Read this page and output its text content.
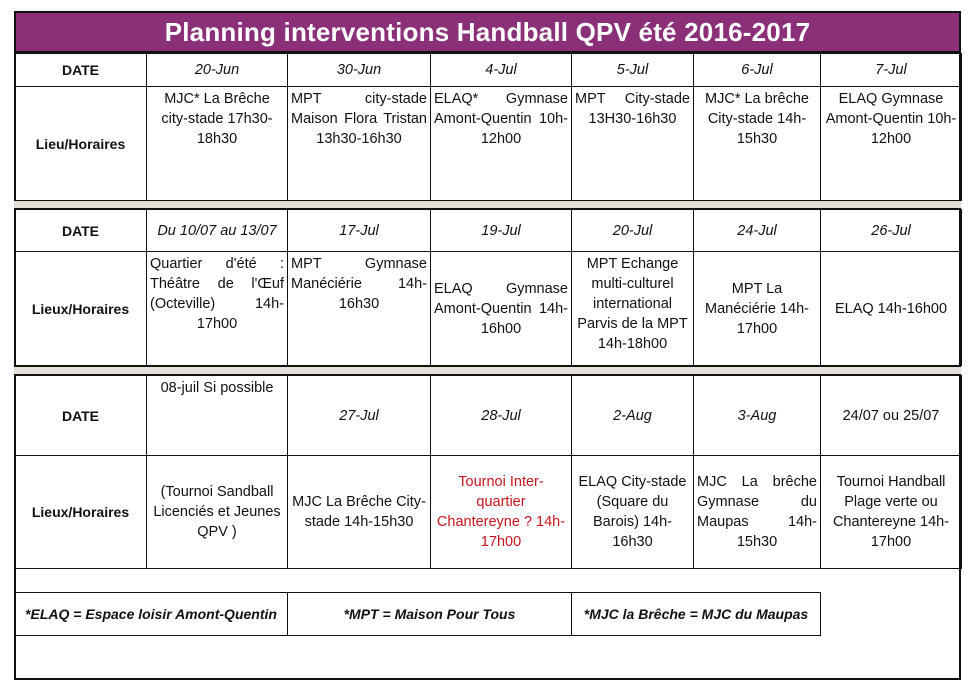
Planning interventions Handball QPV été 2016-2017
DATE	20-Jun	30-Jun	4-Jul	5-Jul	6-Jul	7-Jul
Lieu/Horaires	MJC* La Brêche city-stade 17h30-18h30	MPT city-stade Maison Flora Tristan 13h30-16h30	ELAQ* Gymnase Amont-Quentin 10h-12h00	MPT City-stade 13H30-16h30	MJC* La brêche City-stade 14h-15h30	ELAQ Gymnase Amont-Quentin 10h-12h00
DATE	Du 10/07 au 13/07	17-Jul	19-Jul	20-Jul	24-Jul	26-Jul
Lieux/Horaires	Quartier d'été : Théâtre de l'Œuf (Octeville) 14h-17h00	MPT Gymnase Manéciérie 14h-16h30	ELAQ Gymnase Amont-Quentin 14h-16h00	MPT Echange multi-culturel international Parvis de la MPT 14h-18h00	MPT La Manéciérie 14h-17h00	ELAQ 14h-16h00
DATE	08-juil Si possible	27-Jul	28-Jul	2-Aug	3-Aug	24/07 ou 25/07
Lieux/Horaires	(Tournoi Sandball Licenciés et Jeunes QPV )	MJC La Brêche City-stade 14h-15h30	Tournoi Inter-quartier Chantereyne ? 14h-17h00	ELAQ City-stade (Square du Barois) 14h-16h30	MJC La brêche Gymnase du Maupas 14h-15h30	Tournoi Handball Plage verte ou Chantereyne 14h-17h00
*ELAQ = Espace loisir Amont-Quentin	*MPT = Maison Pour Tous	*MJC la Brêche = MJC du Maupas
